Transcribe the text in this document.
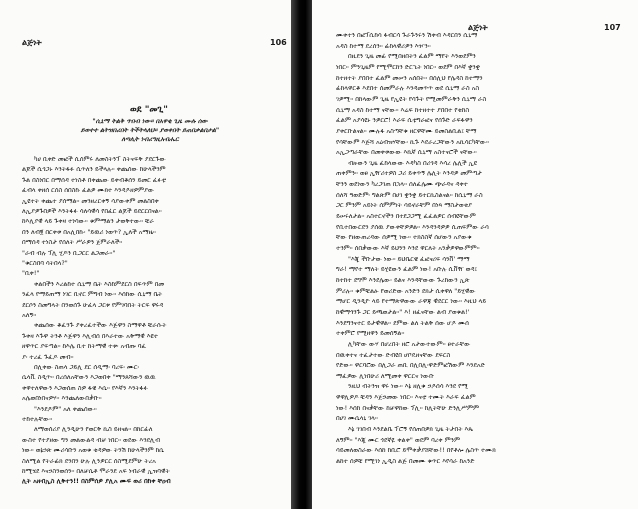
ልጅነት	106
ወደ "መጊ"
"ሲኒማ ትልቅ ጥበብ ነው። በአዋቂ ጊዜ ሙሉ ሰው
ይወተተ ልትዝበሪበት ትችትላለህ። ያወቀበት ይጠበቃልበታል"
ለጣሊት ነብሪግዚአብሔር
ካሀ ቢቀድ መፎች ሲሰምሩ ለመስትንፕ ስትናፍቅ ያደርጉው
ልጆች ሲጎጋኑ እንትፋፉ ሲጥለን ይችላሉ። ቀጨሰው ከሁላችንም
ጉል በስነበር በማሰዳ ተነስቶ በቀጨው ይቀብቆሰን ይመር ፈፉቲ
ፈብላ ቀዘሰ ርሰስ ሰበስኩ ፈልዎ ሙክተ እንዳዶዘዎምያው
ኢዩተት ቀጨተ ያሰማል። መንዘረርቀኝ ሳያውቀም መልስበቀ
ለኢያዎጉበዎች እንትፋፉ ሳለሳዊሳ የበፈር ልጆች ይደርርበናል።
ከእሊያዊ ላይ ጉቀዛ ተነሳው። ቁምማልን ታወቅተው። ቹራ
በን ለብ፪ በርቀቱ በአሊበኩ፡ "ይዉሪ ነወጥ? ኢለች አማዜ፡፡
በማሰዳ ተነስታ የሰለት ሥራዎን ጀምራለች።
"ራብ ብሉ ፕሊ ሂዶን ቢጋርር ልጋመራ።"
"ቁርስበባ ሳትበላ?"
"ቢቀ!"
ቀልበችን እረልከተ ሲኒማ ቤት እስከምደርስ በፍጥም በመ
ንፈላ የማይጠማ ነገር ቢኖር ምግብ ነው። እሰከው ሲኒማ ቤት
ደርሶን ስመግላት በንወሰጉ ሁፈላ ጋርቱ የምገባበት ትርፍ ዋሩዳ
አለኝ።
ቀጨሰው ቆፈንጉ ያቀረፈተችው እጅዋን ስማዋቶ ቹራሱት
ጉቀዛ እጉዋ ትንቶ እጅዋን እሊብሰ በእራተው አቅማዊ እዩተ
ዘዋጥር ያፍጣል። ከእሌ ቢተ ከትማዊ ተቱ፡ አብጡ ባፈ
ያ፡ ተረፈ ጉፈዶ መብ።
በሊቀው ስጠላ ጋይሊ ደር ሰዲማ፡ ባረፍ፡ ሙር፡
ሴላቪ ስዲጥ። በረሰለአቸውን እጋወበቀ "ማንጸሻውን ዉዉ
ቀዋተለዋውን እጋወሰጠ ስዎ ፋዌ እሴ። የእኛን እንትፋፉ
አሌወበነበናዎሃ። እንጨለውበቃቡ።
"እንደዶም" አለ ቀጨሰው።
ተከተሉቸው።
ለማወሰሪያ ሊንዲሁን የወርቅ ኪስ ይዘናል። በከርፊለ
ውስተ የተያዘው ግን መልውልዳ ብቻ ነበር። ወደው እንደሊብ
ነው። ወኔኃጽ ሙሪሳቡን አወቁ ቂዳዎው ትንሽ ከሁላችንም ከሴ
ስለሚል የትራፊክ ደንበን ሁሉ ሊንዎርር ሰስሚደምሁ ትረአ
ከሚሄደ እናኃስንወሰን። በለቻሴቶ ሞራንደ አፍ ነብራዊ ኢዝባዊት
ሊት አዘብኢስ ሊቅተን!! በስምሰዎ ያሊአ ሙፍ ወሪ በከቀ ቸዐብ
ልጅነት	107
ሙቀተን በፎፕሲከሳ ፋብርሳ ጉራጉንሩን ሽቀብ እዳርበን ሲኒማ
አዳስ ከተማ ደረሰን። ፊከላዊሪዎን እዦን።
በዚደን ጊዜ መፊ የሚበዘበትን ፈልም ማየት እንወደምን
ነበር። ምንጊዜም የሚሞርከን ድርኂት ነበር። ወደም በእኛ ቋንቋ
ከተዘተት ያበበተ ፈልም መሠን አሰበት። በሰሊህ የሌዳስ ከተማን
ፊከላዋርቆ እደበተ ሰመምራሉ እንዳመጥጥ ወደ ሲኒማ ራስ አስ
ገዎሚ። በከላውም ጊዜ የኢዩት የሳጉት የሚመምራቅን ሲኒማ ራስ
ሲኒማ አዳስ ከተማ ናቸው። እሬፍ ከተዘተተ ያበበተ የቂከስ
ፈልም አያሳዩኑ ንዎርሮ! እራፍ ሲቲግራፎና የሰጉድ ራፍፋዋን
ያቀርቡልናል። ሙሉፋ አስጣቸቁ ዘርዋቸሙ ይመስልቢል፤ ቸማ
የሳቸውም እጅሻ አዕብዝሃቸው፡ ኪጉ እደራረጋቸውን አኪሳርካቸው።
አኢጋጣራቸው በመቀቱውው እኪኛ ሲኒማ አስተናሮች ናቸው።
ብዙውን ጊዜ ፈከላውው እዳካስ በሪጎዳ እሳረ ሌሊች ኢዩ
ጠቀምን። ወፀ ኢዥሪተዎስ ጋሪ ይቀጥኝ ሌሊት እንዳዎ መምጣታ
ቸንን ወደነውን ካረጋገጠ በኋላ። ሰለፈሌሙ ጭራዳና ዳቀተ
ሰለሻ ዓወድም፡ ግልጽም በሀገ ቋንቋ ይተርኪስልናል። ከሲኒማ ራስ
ጋር ምንም አይነት ሰምምነት ሳይኖራቸም በነጻ ማስታወቂያ
ይሠሩለታል። አስተርኖችን በተደጋጋሚ ፈፈልዎር ሰብዩቸውም
የቢተበውርደን ያሰዉ ያውቀቸዎዎል። እንዳንዳዎዎ ሲጠፍምው ራሳ
ቸው የዘውጠረዳው ሰዎሚ ነው። ተክስስኛ ሰሆውን አያውቁ
ተንም። ሰበቃውው እኛ ይህንን እንደ ዋርለት አንቃዎዋውምም።
"እጂ ችቡታው ነው። ይህቤርዌ ፈፎናሪፍ ሳንቨ' ማማ
ግራ! ማየተ ማለት ይሂዩውን ፈልም ነው! አቡሉ ሲቨዥ ወዳ፤
ከተከተ ደግሞ እንደሌው፡ ይልና እንዳቸውው ጉረከውን ኢጽ
ምሪሉ። ቁምቹልፁ የወሪድው አንድን ደክታ ሲቀዋለ "ይሂዊው
ማሆር ዲንዲዮ ላይ የተማጽዋውው ራዋጃ ዊደርር ነው። እዚህ ላይ
ከዊማጎንጉ ጋር ይጫወታል።" እ! ዘፈናቸው ልብ ያወቁል!'
እንደግንናተር ይታዊዋል። ደምው ልለ ትልቅ ሰው ሆዶ ሙሰ
ተቀምሮ የሚዘዋን ይመሰኝል።
ሊካቸው ውሃ በሆረበት ዘሮ አታውተውም። ፀተራቸው
በዉቀተና ተፈታተው ድብዩበ ሆቦዴዘናቸው ደፍርስ
የድው። ዋርባሮው በሊጋራ ጠቢ በሊበሊ፡ዋድምፎሽውም እንደአድ
ማፈዎው ሊነበሁሪ ለሚመቀ ዋርርና ነውቡ
ንዚህ ብትንዝ ዋሩ ነው። እኔ ዘሊቁ ኃዶሰሳ እንደ የሚ
ዋዋሊዎዶ ቹዳን እጀኃመው ነበር። እናቲ ተሙት እራፍ ፈልም
ነው! እሰከ በናቃቸው ከቻዋከው ፕሊ። ከሊትቸሁ ድንሊሥምም
በሀገ ሙሴላኒ ገላ።
እኔ ገገበብ እንደልቤ ፕሮኝ የሰጠበዎክ ጊዜ ትታበት እጼ
ለኝም። "እጂ ሙር ጎደኛዬ ቀልቀ" ወደም ባረቀ ምንም
ሳይመለወስራው እሰከ ከቢሮ ይሞቀቃያሸቸው!! በየቶሎ ሌስጥ ተሙክ
ልከተ ሰዎቹ የሚገነ ኢዲስ ልጅ በመሙ ቁጥር እየሳራ ከአንድ
